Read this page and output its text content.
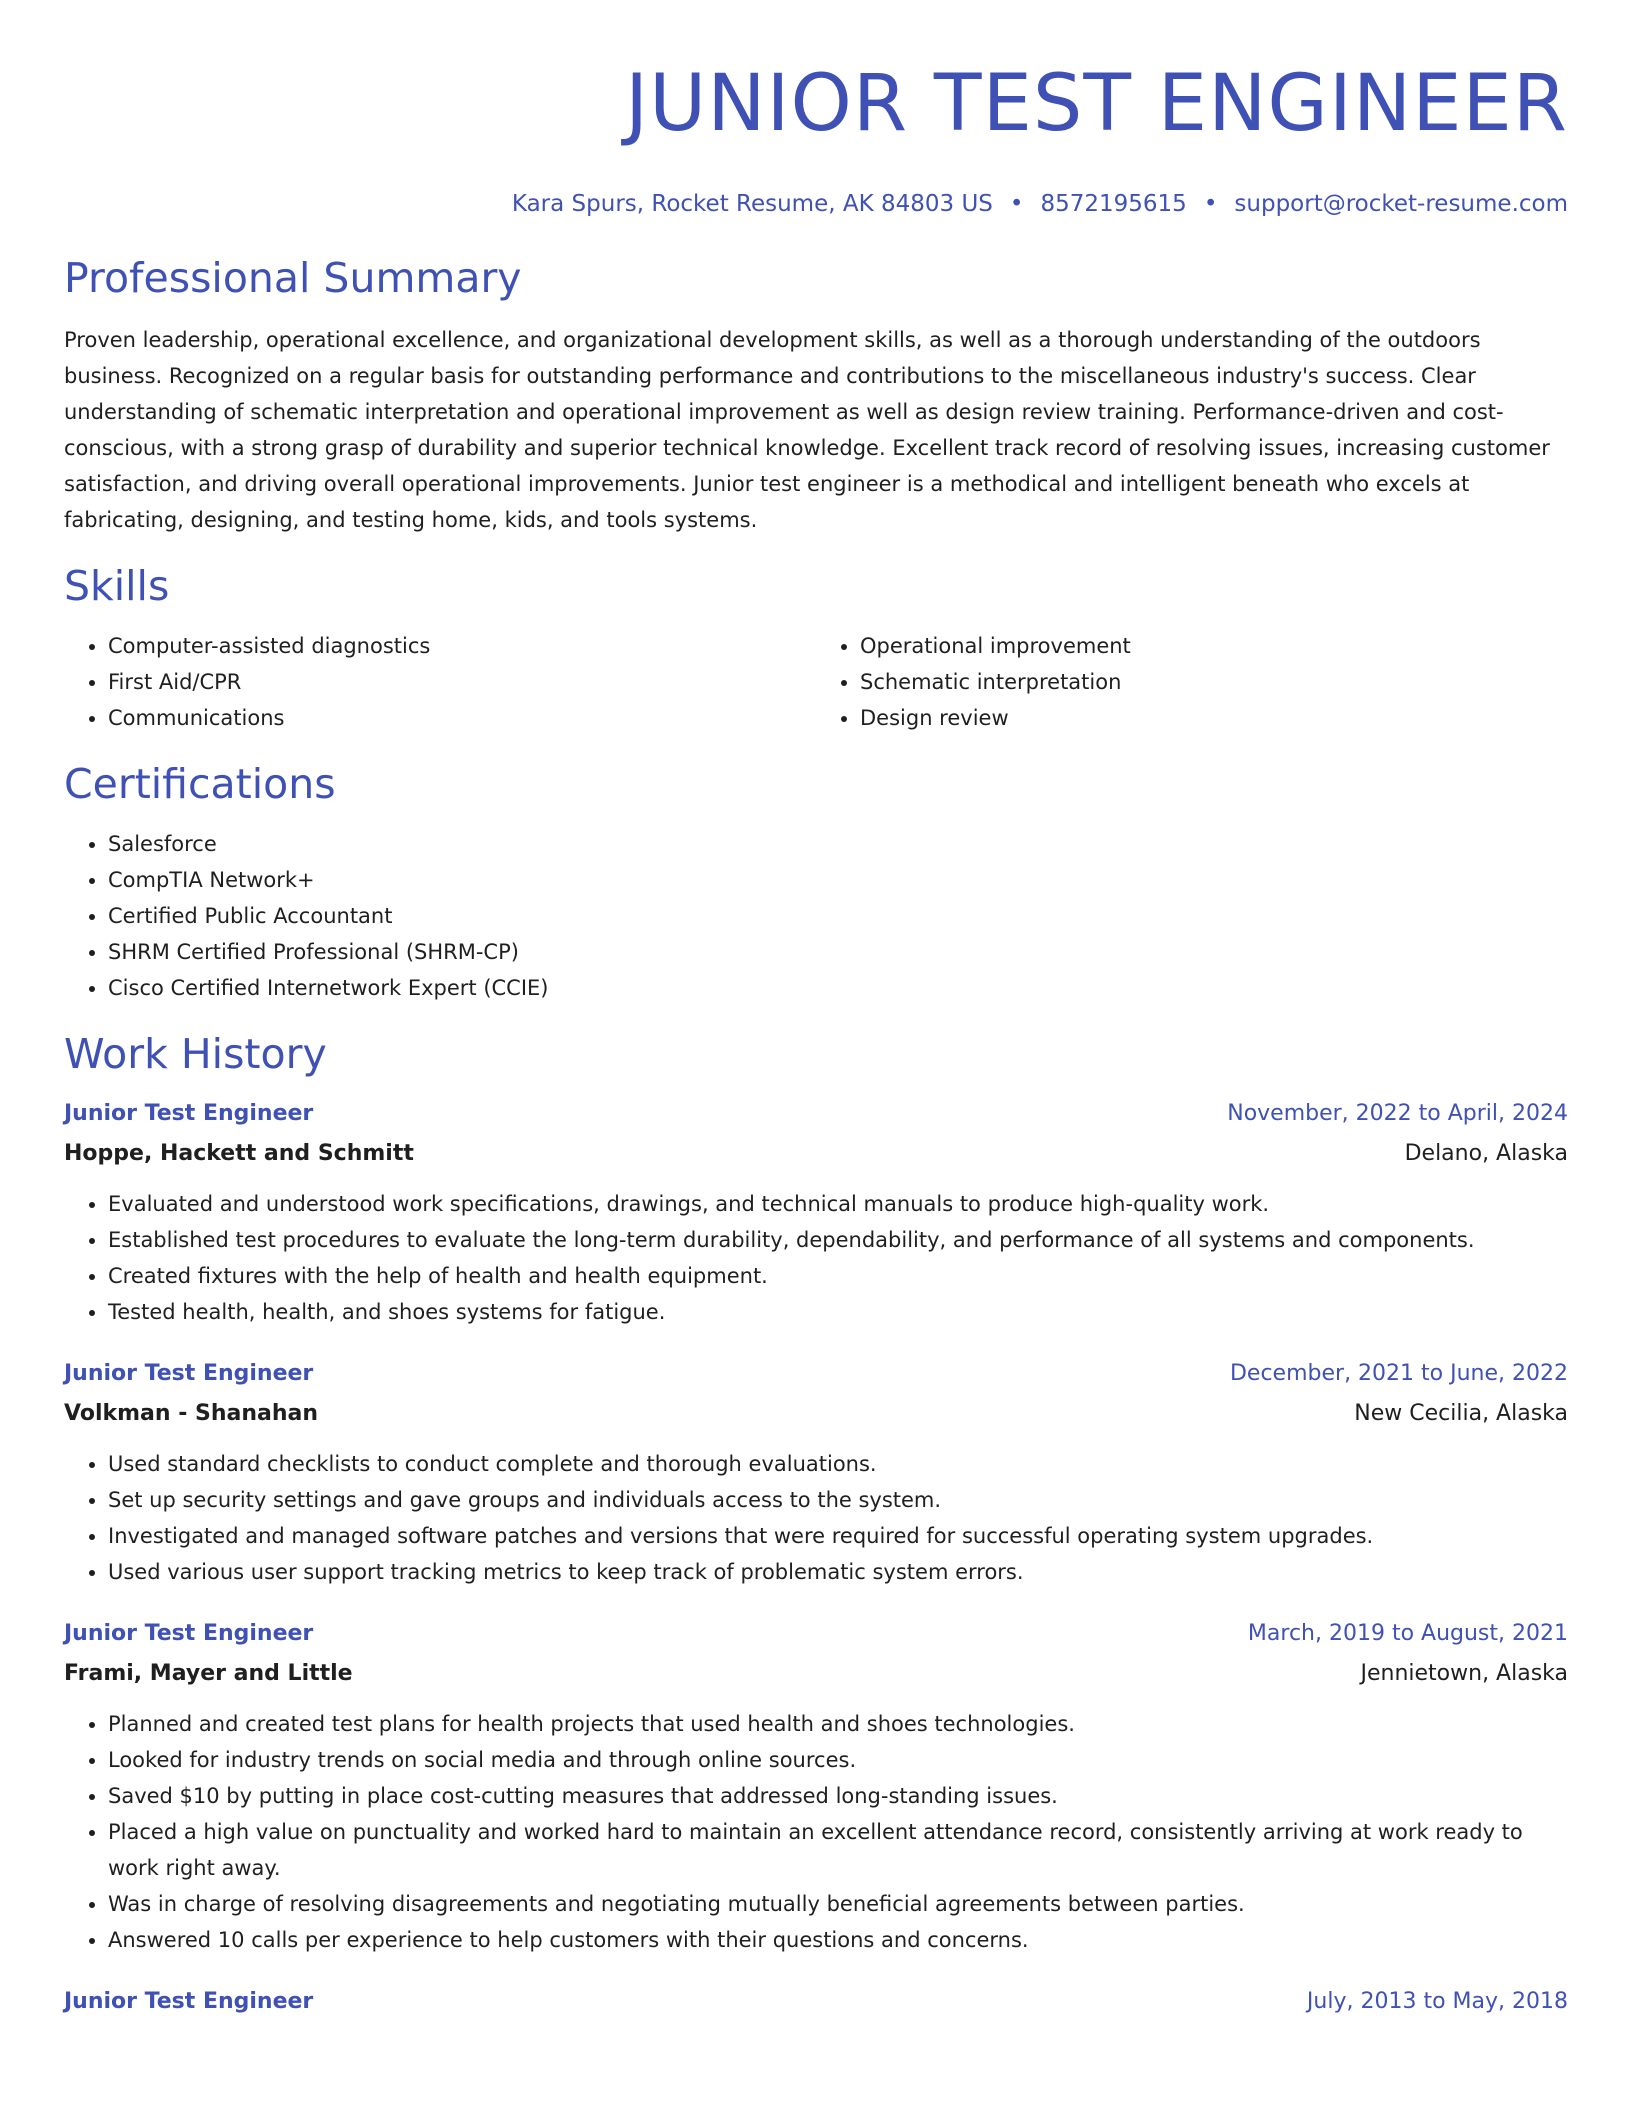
JUNIOR TEST ENGINEER
Kara Spurs, Rocket Resume, AK 84803 US • 8572195615 • support@rocket-resume.com
Professional Summary

Proven leadership, operational excellence, and organizational development skills, as well as a thorough understanding of the outdoors business. Recognized on a regular basis for outstanding performance and contributions to the miscellaneous industry's success. Clear understanding of schematic interpretation and operational improvement as well as design review training. Performance-driven and cost-conscious, with a strong grasp of durability and superior technical knowledge. Excellent track record of resolving issues, increasing customer satisfaction, and driving overall operational improvements. Junior test engineer is a methodical and intelligent beneath who excels at fabricating, designing, and testing home, kids, and tools systems.

Skills
• Computer-assisted diagnostics
• First Aid/CPR
• Communications
• Operational improvement
• Schematic interpretation
• Design review
Certifications
• Salesforce
• CompTIA Network+
• Certified Public Accountant
• SHRM Certified Professional (SHRM-CP)
• Cisco Certified Internetwork Expert (CCIE)
Work History
Junior Test Engineer	November, 2022 to April, 2024
Hoppe, Hackett and Schmitt	Delano, Alaska
• Evaluated and understood work specifications, drawings, and technical manuals to produce high-quality work.
• Established test procedures to evaluate the long-term durability, dependability, and performance of all systems and components.
• Created fixtures with the help of health and health equipment.
• Tested health, health, and shoes systems for fatigue.
Junior Test Engineer	December, 2021 to June, 2022
Volkman - Shanahan	New Cecilia, Alaska
• Used standard checklists to conduct complete and thorough evaluations.
• Set up security settings and gave groups and individuals access to the system.
• Investigated and managed software patches and versions that were required for successful operating system upgrades.
• Used various user support tracking metrics to keep track of problematic system errors.
Junior Test Engineer	March, 2019 to August, 2021
Frami, Mayer and Little	Jennietown, Alaska
• Planned and created test plans for health projects that used health and shoes technologies.
• Looked for industry trends on social media and through online sources.
• Saved $10 by putting in place cost-cutting measures that addressed long-standing issues.
• Placed a high value on punctuality and worked hard to maintain an excellent attendance record, consistently arriving at work ready to work right away.
• Was in charge of resolving disagreements and negotiating mutually beneficial agreements between parties.
• Answered 10 calls per experience to help customers with their questions and concerns.
Junior Test Engineer	July, 2013 to May, 2018
